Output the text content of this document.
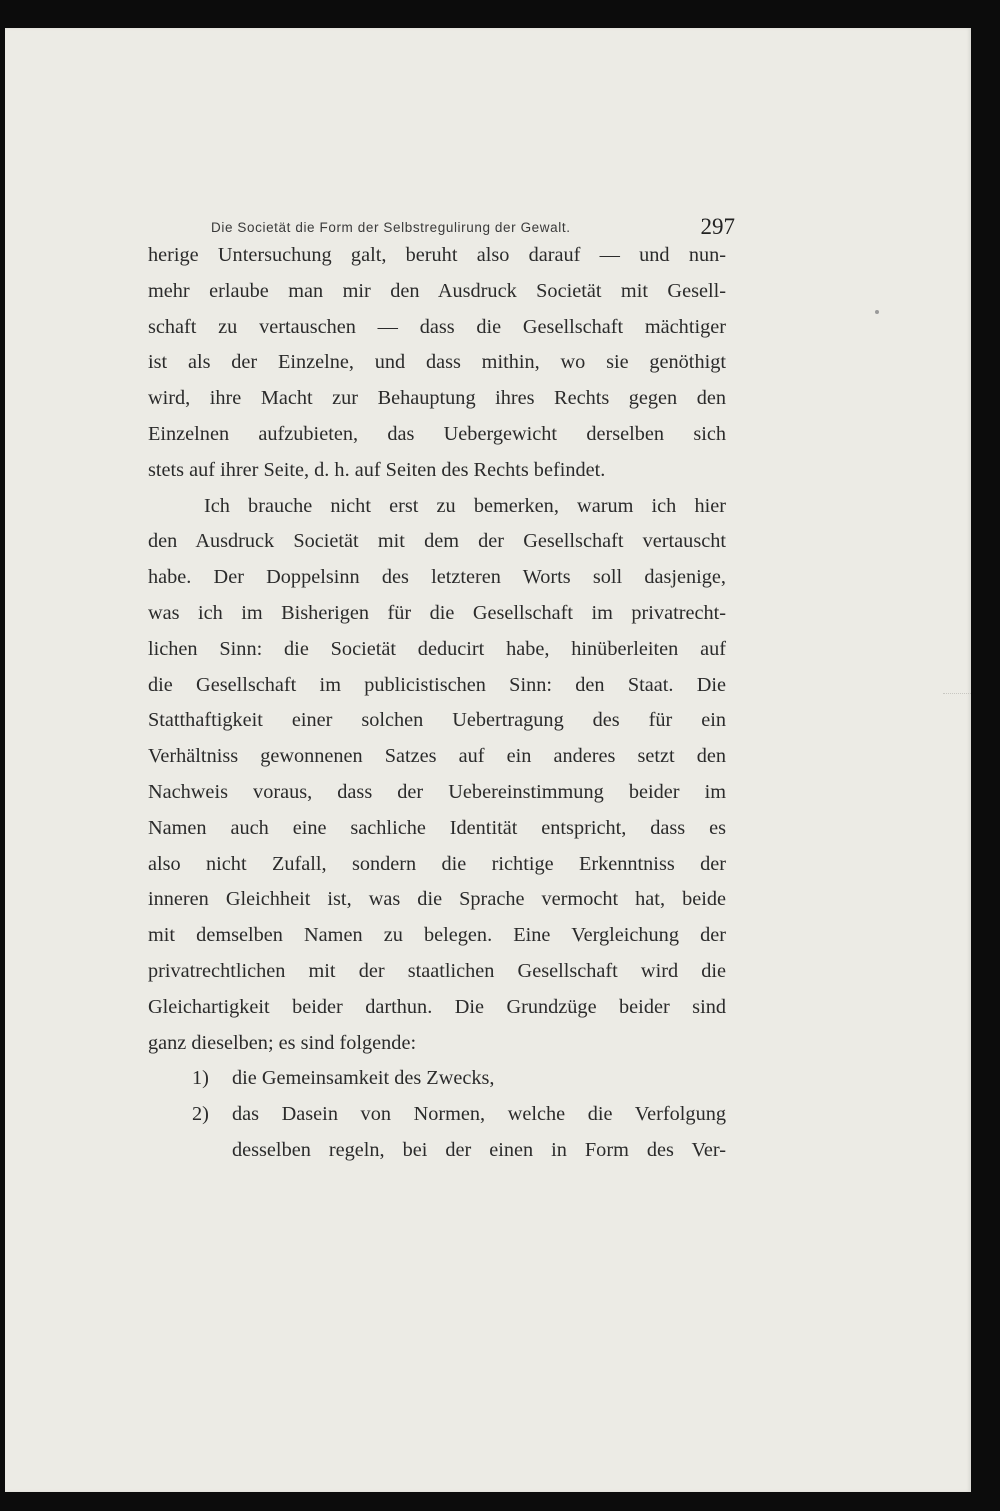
Die Societät die Form der Selbstregulirung der Gewalt.	297
herige Untersuchung galt, beruht also darauf — und nun-
mehr erlaube man mir den Ausdruck Societät mit Gesell-
schaft zu vertauschen — dass die Gesellschaft mächtiger
ist als der Einzelne, und dass mithin, wo sie genöthigt
wird, ihre Macht zur Behauptung ihres Rechts gegen den
Einzelnen aufzubieten, das Uebergewicht derselben sich
stets auf ihrer Seite, d. h. auf Seiten des Rechts befindet.
Ich brauche nicht erst zu bemerken, warum ich hier
den Ausdruck Societät mit dem der Gesellschaft vertauscht
habe. Der Doppelsinn des letzteren Worts soll dasjenige,
was ich im Bisherigen für die Gesellschaft im privatrecht-
lichen Sinn: die Societät deducirt habe, hinüberleiten auf
die Gesellschaft im publicistischen Sinn: den Staat. Die
Statthaftigkeit einer solchen Uebertragung des für ein
Verhältniss gewonnenen Satzes auf ein anderes setzt den
Nachweis voraus, dass der Uebereinstimmung beider im
Namen auch eine sachliche Identität entspricht, dass es
also nicht Zufall, sondern die richtige Erkenntniss der
inneren Gleichheit ist, was die Sprache vermocht hat, beide
mit demselben Namen zu belegen. Eine Vergleichung der
privatrechtlichen mit der staatlichen Gesellschaft wird die
Gleichartigkeit beider darthun. Die Grundzüge beider sind
ganz dieselben; es sind folgende:
1)	die Gemeinsamkeit des Zwecks,
2)	das Dasein von Normen, welche die Verfolgung
desselben regeln, bei der einen in Form des Ver-
